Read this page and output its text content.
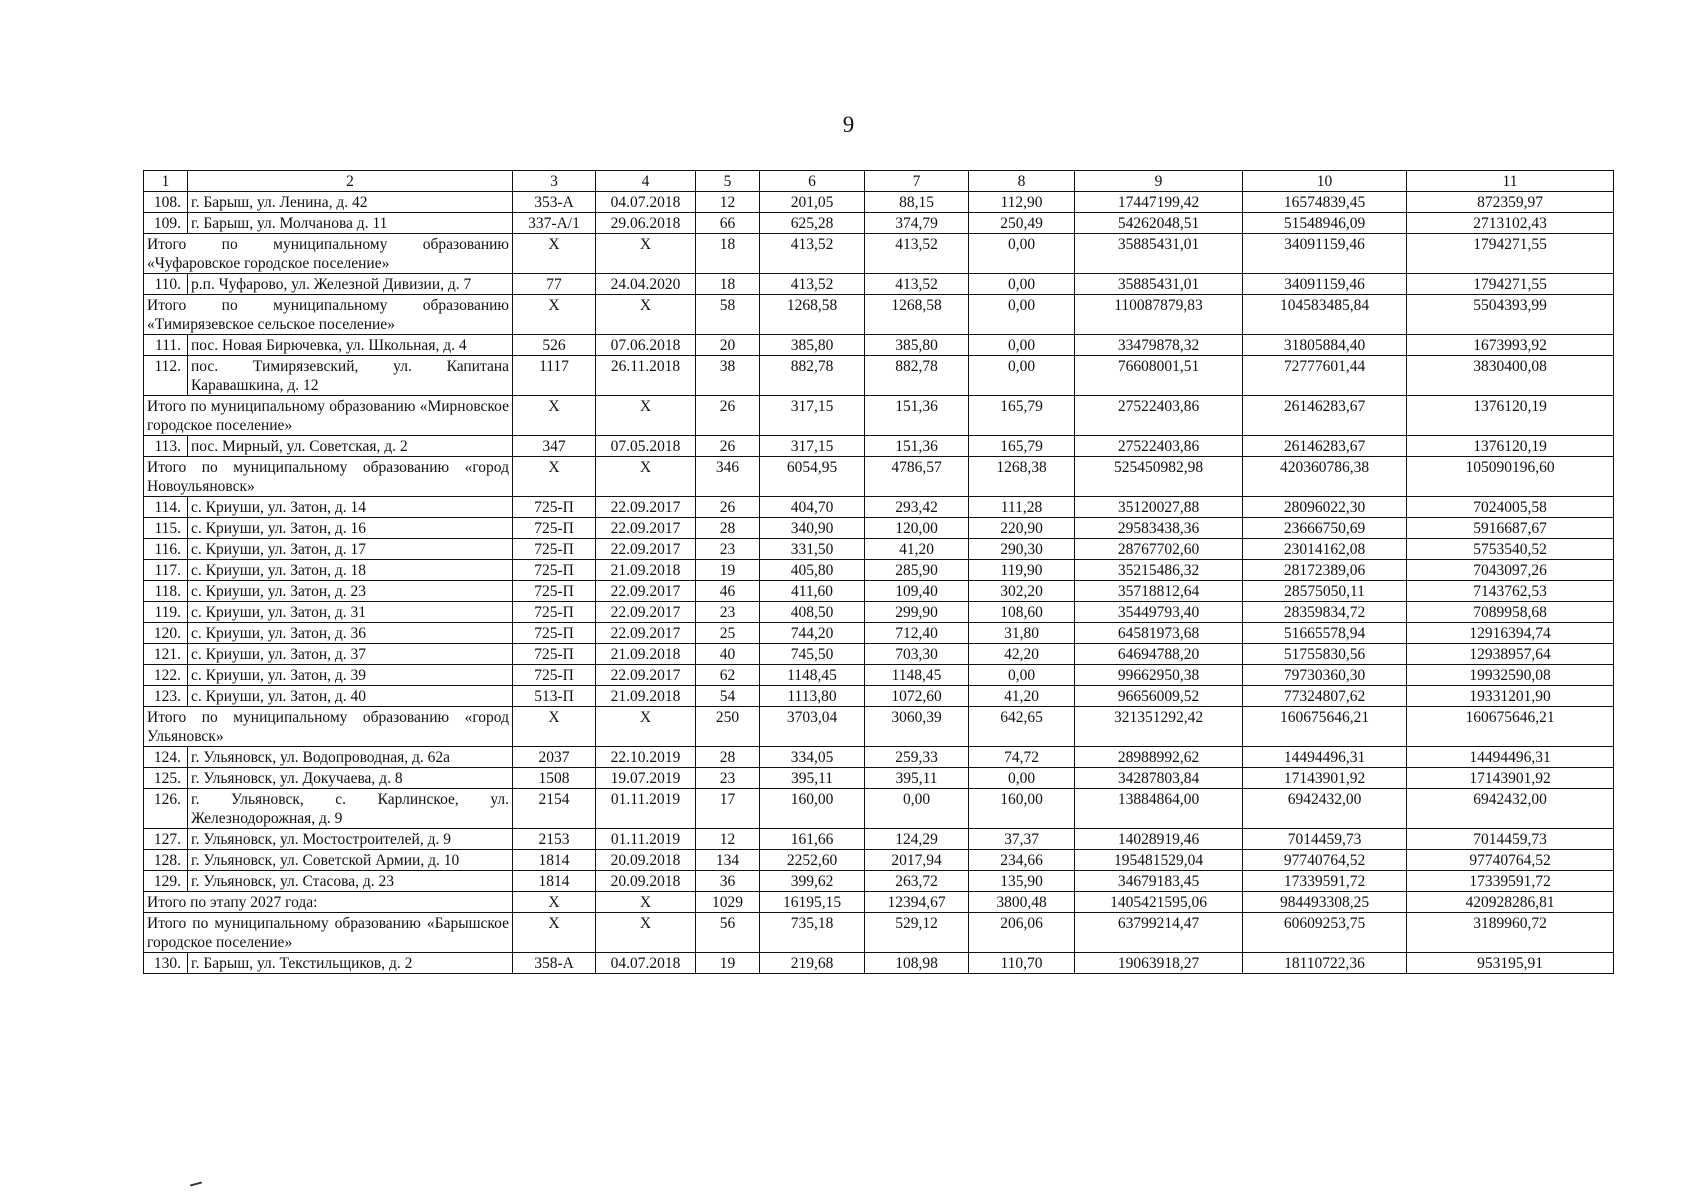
9
1	2	3	4	5	6	7	8	9	10	11
108.	г. Барыш, ул. Ленина, д. 42	353-А	04.07.2018	12	201,05	88,15	112,90	17447199,42	16574839,45	872359,97
109.	г. Барыш, ул. Молчанова д. 11	337-А/1	29.06.2018	66	625,28	374,79	250,49	54262048,51	51548946,09	2713102,43
Итого по муниципальному образованию «Чуфаровское городское поселение»		Х	Х	18	413,52	413,52	0,00	35885431,01	34091159,46	1794271,55
110.	р.п. Чуфарово, ул. Железной Дивизии, д. 7	77	24.04.2020	18	413,52	413,52	0,00	35885431,01	34091159,46	1794271,55
Итого по муниципальному образованию «Тимирязевское сельское поселение»		Х	Х	58	1268,58	1268,58	0,00	110087879,83	104583485,84	5504393,99
111.	пос. Новая Бирючевка, ул. Школьная, д. 4	526	07.06.2018	20	385,80	385,80	0,00	33479878,32	31805884,40	1673993,92
112.	пос. Тимирязевский, ул. Капитана Каравашкина, д. 12	1117	26.11.2018	38	882,78	882,78	0,00	76608001,51	72777601,44	3830400,08
Итого по муниципальному образованию «Мирновское городское поселение»		Х	Х	26	317,15	151,36	165,79	27522403,86	26146283,67	1376120,19
113.	пос. Мирный, ул. Советская, д. 2	347	07.05.2018	26	317,15	151,36	165,79	27522403,86	26146283,67	1376120,19
Итого по муниципальному образованию «город Новоульяновск»		Х	Х	346	6054,95	4786,57	1268,38	525450982,98	420360786,38	105090196,60
114.	с. Криуши, ул. Затон, д. 14	725-П	22.09.2017	26	404,70	293,42	111,28	35120027,88	28096022,30	7024005,58
115.	с. Криуши, ул. Затон, д. 16	725-П	22.09.2017	28	340,90	120,00	220,90	29583438,36	23666750,69	5916687,67
116.	с. Криуши, ул. Затон, д. 17	725-П	22.09.2017	23	331,50	41,20	290,30	28767702,60	23014162,08	5753540,52
117.	с. Криуши, ул. Затон, д. 18	725-П	21.09.2018	19	405,80	285,90	119,90	35215486,32	28172389,06	7043097,26
118.	с. Криуши, ул. Затон, д. 23	725-П	22.09.2017	46	411,60	109,40	302,20	35718812,64	28575050,11	7143762,53
119.	с. Криуши, ул. Затон, д. 31	725-П	22.09.2017	23	408,50	299,90	108,60	35449793,40	28359834,72	7089958,68
120.	с. Криуши, ул. Затон, д. 36	725-П	22.09.2017	25	744,20	712,40	31,80	64581973,68	51665578,94	12916394,74
121.	с. Криуши, ул. Затон, д. 37	725-П	21.09.2018	40	745,50	703,30	42,20	64694788,20	51755830,56	12938957,64
122.	с. Криуши, ул. Затон, д. 39	725-П	22.09.2017	62	1148,45	1148,45	0,00	99662950,38	79730360,30	19932590,08
123.	с. Криуши, ул. Затон, д. 40	513-П	21.09.2018	54	1113,80	1072,60	41,20	96656009,52	77324807,62	19331201,90
Итого по муниципальному образованию «город Ульяновск»		Х	Х	250	3703,04	3060,39	642,65	321351292,42	160675646,21	160675646,21
124.	г. Ульяновск, ул. Водопроводная, д. 62а	2037	22.10.2019	28	334,05	259,33	74,72	28988992,62	14494496,31	14494496,31
125.	г. Ульяновск, ул. Докучаева, д. 8	1508	19.07.2019	23	395,11	395,11	0,00	34287803,84	17143901,92	17143901,92
126.	г. Ульяновск, с. Карлинское, ул. Железнодорожная, д. 9	2154	01.11.2019	17	160,00	0,00	160,00	13884864,00	6942432,00	6942432,00
127.	г. Ульяновск, ул. Мостостроителей, д. 9	2153	01.11.2019	12	161,66	124,29	37,37	14028919,46	7014459,73	7014459,73
128.	г. Ульяновск, ул. Советской Армии, д. 10	1814	20.09.2018	134	2252,60	2017,94	234,66	195481529,04	97740764,52	97740764,52
129.	г. Ульяновск, ул. Стасова, д. 23	1814	20.09.2018	36	399,62	263,72	135,90	34679183,45	17339591,72	17339591,72
Итого по этапу 2027 года:		Х	Х	1029	16195,15	12394,67	3800,48	1405421595,06	984493308,25	420928286,81
Итого по муниципальному образованию «Барышское городское поселение»		Х	Х	56	735,18	529,12	206,06	63799214,47	60609253,75	3189960,72
130.	г. Барыш, ул. Текстильщиков, д. 2	358-А	04.07.2018	19	219,68	108,98	110,70	19063918,27	18110722,36	953195,91
